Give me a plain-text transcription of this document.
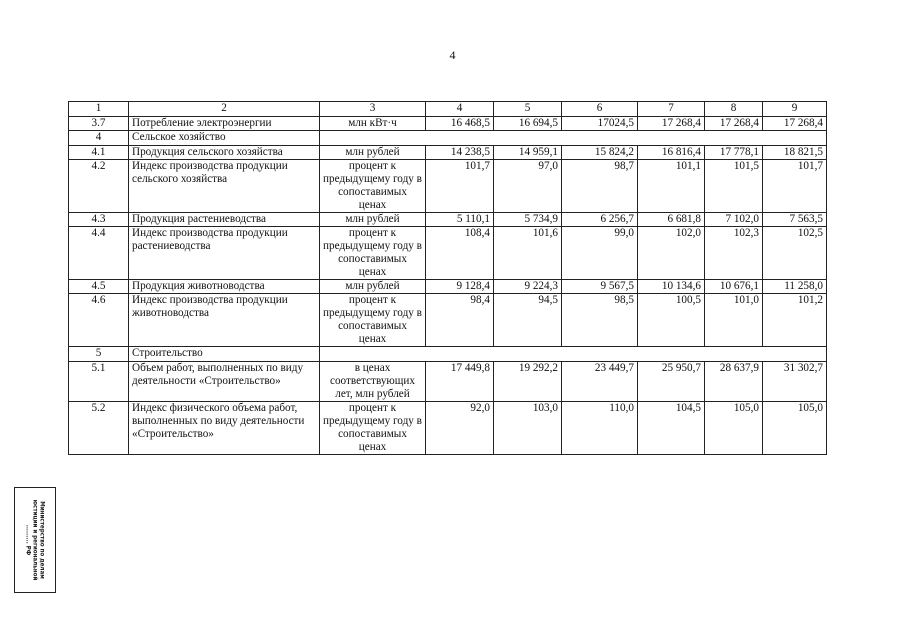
4
1	2	3	4	5	6	7	8	9
3.7	Потребление электроэнергии	млн кВт·ч	16 468,5	16 694,5	17024,5	17 268,4	17 268,4	17 268,4
4	Сельское хозяйство							
4.1	Продукция сельского хозяйства	млн рублей	14 238,5	14 959,1	15 824,2	16 816,4	17 778,1	18 821,5
4.2	Индекс производства продукции сельского хозяйства	процент к предыдущему году в сопоставимых ценах	101,7	97,0	98,7	101,1	101,5	101,7
4.3	Продукция растениеводства	млн рублей	5 110,1	5 734,9	6 256,7	6 681,8	7 102,0	7 563,5
4.4	Индекс производства продукции растениеводства	процент к предыдущему году в сопоставимых ценах	108,4	101,6	99,0	102,0	102,3	102,5
4.5	Продукция животноводства	млн рублей	9 128,4	9 224,3	9 567,5	10 134,6	10 676,1	11 258,0
4.6	Индекс производства продукции животноводства	процент к предыдущему году в сопоставимых ценах	98,4	94,5	98,5	100,5	101,0	101,2
5	Строительство							
5.1	Объем работ, выполненных по виду деятельности «Строительство»	в ценах соответствующих лет, млн рублей	17 449,8	19 292,2	23 449,7	25 950,7	28 637,9	31 302,7
5.2	Индекс физического объема работ, выполненных по виду деятельности «Строительство»	процент к предыдущему году в сопоставимых ценах	92,0	103,0	110,0	104,5	105,0	105,0
Министерство по делам
юстиции и региональной
......... РФ
